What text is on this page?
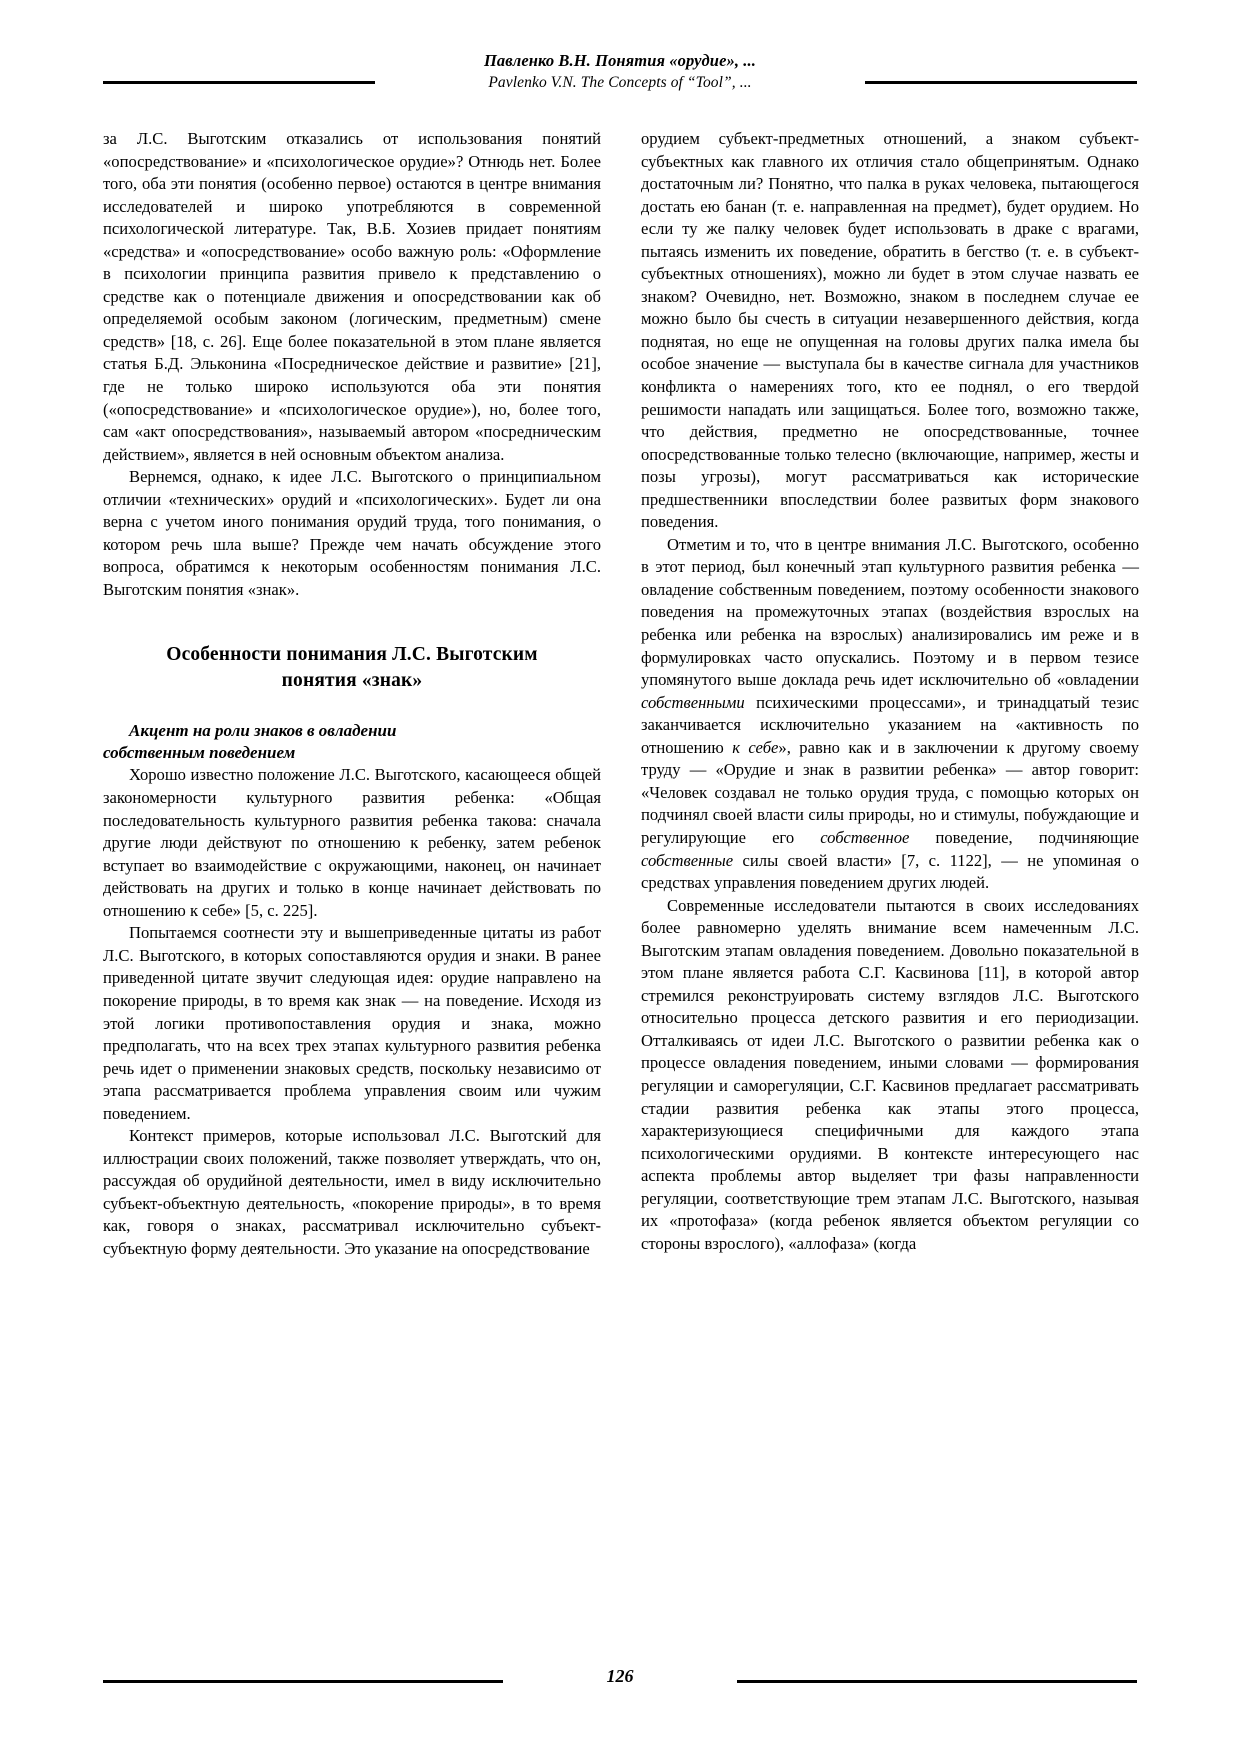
Павленко В.Н. Понятия «орудие», ...
Pavlenko V.N. The Concepts of “Tool”, ...

за Л.С. Выготским отказались от использования понятий «опосредствование» и «психологическое орудие»? Отнюдь нет. Более того, оба эти понятия (особенно первое) остаются в центре внимания исследователей и широко употребляются в современной психологической литературе. Так, В.Б. Хозиев придает понятиям «средства» и «опосредствование» особо важную роль: «Оформление в психологии принципа развития привело к представлению о средстве как о потенциале движения и опосредствовании как об определяемой особым законом (логическим, предметным) смене средств» [18, с. 26]. Еще более показательной в этом плане является статья Б.Д. Эльконина «Посредническое действие и развитие» [21], где не только широко используются оба эти понятия («опосредствование» и «психологическое орудие»), но, более того, сам «акт опосредствования», называемый автором «посредническим действием», является в ней основным объектом анализа.

Вернемся, однако, к идее Л.С. Выготского о принципиальном отличии «технических» орудий и «психологических». Будет ли она верна с учетом иного понимания орудий труда, того понимания, о котором речь шла выше? Прежде чем начать обсуждение этого вопроса, обратимся к некоторым особенностям понимания Л.С. Выготским понятия «знак».

Особенности понимания Л.С. Выготским
понятия «знак»
Акцент на роли знаков в овладении
собственным поведением

Хорошо известно положение Л.С. Выготского, касающееся общей закономерности культурного развития ребенка: «Общая последовательность культурного развития ребенка такова: сначала другие люди действуют по отношению к ребенку, затем ребенок вступает во взаимодействие с окружающими, наконец, он начинает действовать на других и только в конце начинает действовать по отношению к себе» [5, с. 225].

Попытаемся соотнести эту и вышеприведенные цитаты из работ Л.С. Выготского, в которых сопоставляются орудия и знаки. В ранее приведенной цитате звучит следующая идея: орудие направлено на покорение природы, в то время как знак — на поведение. Исходя из этой логики противопоставления орудия и знака, можно предполагать, что на всех трех этапах культурного развития ребенка речь идет о применении знаковых средств, поскольку независимо от этапа рассматривается проблема управления своим или чужим поведением.

Контекст примеров, которые использовал Л.С. Выготский для иллюстрации своих положений, также позволяет утверждать, что он, рассуждая об орудийной деятельности, имел в виду исключительно субъект-объектную деятельность, «покорение природы», в то время как, говоря о знаках, рассматривал исключительно субъект-субъектную форму деятельности. Это указание на опосредствование

орудием субъект-предметных отношений, а знаком субъект-субъектных как главного их отличия стало общепринятым. Однако достаточным ли? Понятно, что палка в руках человека, пытающегося достать ею банан (т. е. направленная на предмет), будет орудием. Но если ту же палку человек будет использовать в драке с врагами, пытаясь изменить их поведение, обратить в бегство (т. е. в субъект-субъектных отношениях), можно ли будет в этом случае назвать ее знаком? Очевидно, нет. Возможно, знаком в последнем случае ее можно было бы счесть в ситуации незавершенного действия, когда поднятая, но еще не опущенная на головы других палка имела бы особое значение — выступала бы в качестве сигнала для участников конфликта о намерениях того, кто ее поднял, о его твердой решимости нападать или защищаться. Более того, возможно также, что действия, предметно не опосредствованные, точнее опосредствованные только телесно (включающие, например, жесты и позы угрозы), могут рассматриваться как исторические предшественники впоследствии более развитых форм знакового поведения.

Отметим и то, что в центре внимания Л.С. Выготского, особенно в этот период, был конечный этап культурного развития ребенка — овладение собственным поведением, поэтому особенности знакового поведения на промежуточных этапах (воздействия взрослых на ребенка или ребенка на взрослых) анализировались им реже и в формулировках часто опускались. Поэтому и в первом тезисе упомянутого выше доклада речь идет исключительно об «овладении собственными психическими процессами», и тринадцатый тезис заканчивается исключительно указанием на «активность по отношению к себе», равно как и в заключении к другому своему труду — «Орудие и знак в развитии ребенка» — автор говорит: «Человек создавал не только орудия труда, с помощью которых он подчинял своей власти силы природы, но и стимулы, побуждающие и регулирующие его собственное поведение, подчиняющие собственные силы своей власти» [7, с. 1122], — не упоминая о средствах управления поведением других людей.

Современные исследователи пытаются в своих исследованиях более равномерно уделять внимание всем намеченным Л.С. Выготским этапам овладения поведением. Довольно показательной в этом плане является работа С.Г. Касвинова [11], в которой автор стремился реконструировать систему взглядов Л.С. Выготского относительно процесса детского развития и его периодизации. Отталкиваясь от идеи Л.С. Выготского о развитии ребенка как о процессе овладения поведением, иными словами — формирования регуляции и саморегуляции, С.Г. Касвинов предлагает рассматривать стадии развития ребенка как этапы этого процесса, характеризующиеся специфичными для каждого этапа психологическими орудиями. В контексте интересующего нас аспекта проблемы автор выделяет три фазы направленности регуляции, соответствующие трем этапам Л.С. Выготского, называя их «протофаза» (когда ребенок является объектом регуляции со стороны взрослого), «аллофаза» (когда

126
